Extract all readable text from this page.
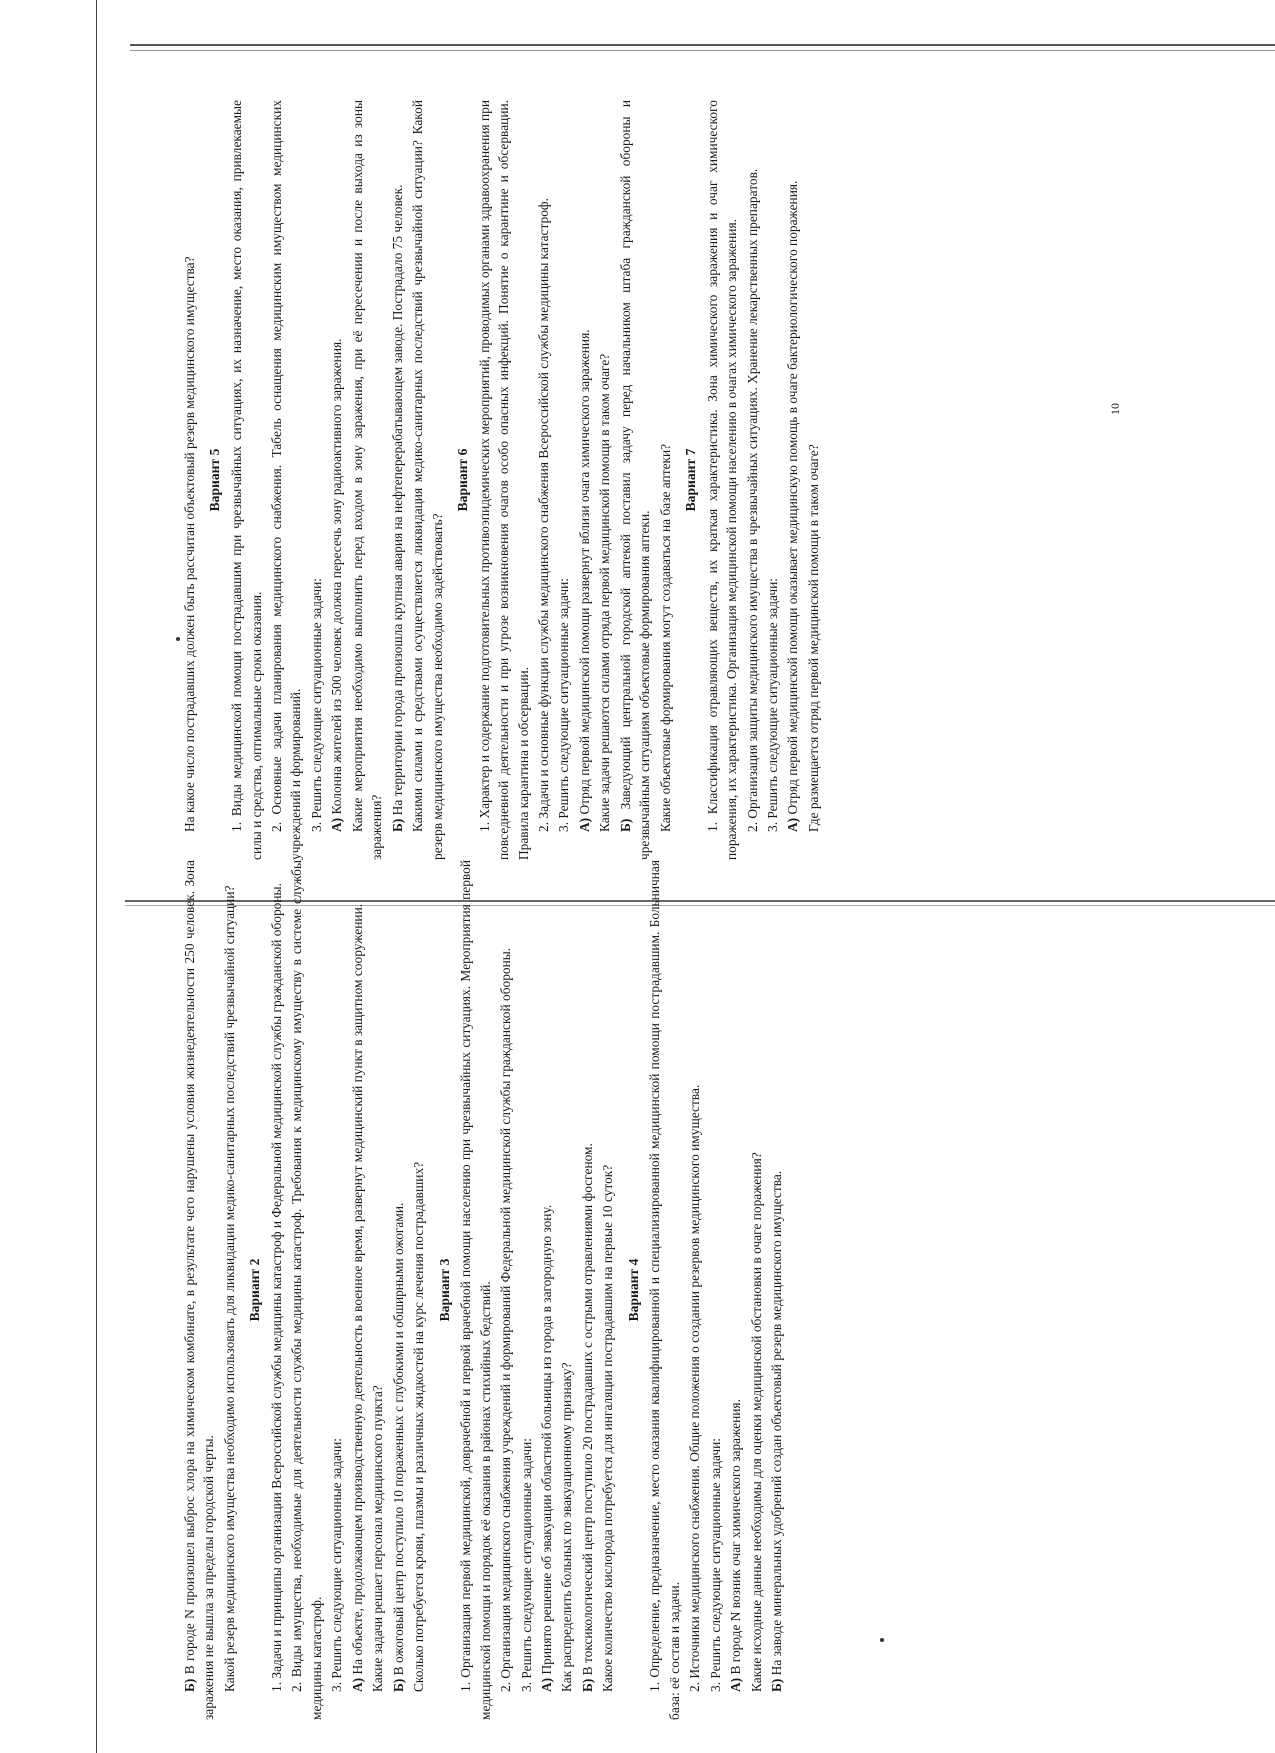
На какое число пострадавших должен быть рассчитан объектовый резерв медицинского имущества? Вариант 5 1. Виды медицинской помощи пострадавшим при чрезвычайных ситуациях, их назначение, место оказания, привлекаемые силы и средства, оптимальные сроки оказания. 2. Основные задачи планирования медицинского снабжения. Табель оснащения медицинским имуществом медицинских учреждений и формирований. 3. Решить следующие ситуационные задачи: А) Колонна жителей из 500 человек должна пересечь зону радиоактивного заражения. Какие мероприятия необходимо выполнить перед входом в зону заражения, при её пересечении и после выхода из зоны заражения? Б) На территории города произошла крупная авария на нефтеперерабатывающем заводе. Пострадало 75 человек. Какими силами и средствами осуществляется ликвидация медико-санитарных последствий чрезвычайной ситуации? Какой резерв медицинского имущества необходимо задействовать?

Вариант 6 1. Характер и содержание подготовительных противоэпидемических мероприятий, проводимых органами здравоохранения при повседневной деятельности и при угрозе возникновения очагов особо опасных инфекций. Понятие о карантине и обсервации. Правила карантина и обсервации. 2. Задачи и основные функции службы медицинского снабжения Всероссийской службы медицины катастроф. 3. Решить следующие ситуационные задачи: А) Отряд первой медицинской помощи развернут вблизи очага химического заражения. Какие задачи решаются силами отряда первой медицинской помощи в таком очаге? Б) Заведующий центральной городской аптекой поставил задачу перед начальником штаба гражданской обороны и чрезвычайным ситуациям объектовые формирования аптеки. Какие объектовые формирования могут создаваться на базе аптеки? Вариант 7 1. Классификация отравляющих веществ, их краткая характеристика. Зона химического заражения и очаг химического поражения, их характеристика. Организация медицинской помощи населению в очагах химического заражения. 2. Организация защиты медицинского имущества в чрезвычайных ситуациях. Хранение лекарственных препаратов. 3. Решить следующие ситуационные задачи: А) Отряд первой медицинской помощи оказывает медицинскую помощь в очаге бактериологического поражения. Где размещается отряд первой медицинской помощи в таком очаге?

10

Б) В городе N произошел выброс хлора на химическом комбинате, в результате чего нарушены условия жизнедеятельности 250 человек. Зона заражения не вышла за пределы городской черты. Какой резерв медицинского имущества необходимо использовать для ликвидации медико-санитарных последствий чрезвычайной ситуации? Вариант 2 1. Задачи и принципы организации Всероссийской службы медицины катастроф и Федеральной медицинской службы гражданской обороны. 2. Виды имущества, необходимые для деятельности службы медицины катастроф. Требования к медицинскому имуществу в системе службы медицины катастроф. 3. Решить следующие ситуационные задачи: А) На объекте, продолжающем производственную деятельность в военное время, развернут медицинский пункт в защитном сооружении. Какие задачи решает персонал медицинского пункта? Б) В ожоговый центр поступило 10 пораженных с глубокими и обширными ожогами. Сколько потребуется крови, плазмы и различных жидкостей на курс лечения пострадавших? Вариант 3 1. Организация первой медицинской, доврачебной и первой врачебной помощи населению при чрезвычайных ситуациях. Мероприятия первой медицинской помощи и порядок её оказания в районах стихийных бедствий. 2. Организация медицинского снабжения учреждений и формирований Федеральной медицинской службы гражданской обороны. 3. Решить следующие ситуационные задачи: А) Принято решение об эвакуации областной больницы из города в загородную зону. Как распределить больных по эвакуационному признаку? Б) В токсикологический центр поступило 20 пострадавших с острыми отравлениями фосгеном. Какое количество кислорода потребуется для ингаляции пострадавшим на первые 10 суток? Вариант 4 1. Определение, предназначение, место оказания квалифицированной и специализированной медицинской помощи пострадавшим. Больничная база: её состав и задачи. 2. Источники медицинского снабжения. Общие положения о создании резервов медицинского имущества. 3. Решить следующие ситуационные задачи: А) В городе N возник очаг химического заражения. Какие исходные данные необходимы для оценки медицинской обстановки в очаге поражения? Б) На заводе минеральных удобрений создан объектовый резерв медицинского имущества.
